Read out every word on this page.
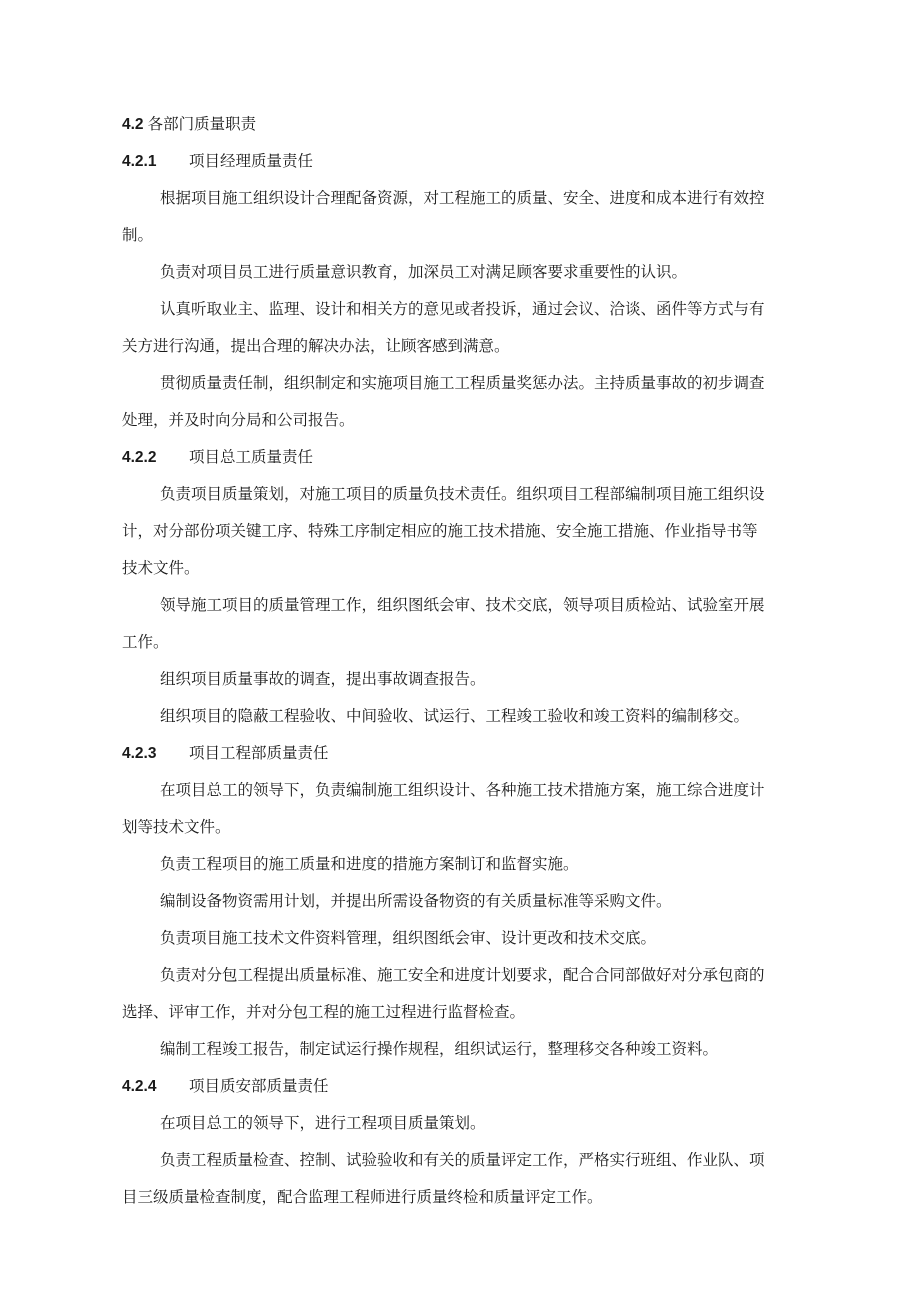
4.2 各部门质量职责
4.2.1 项目经理质量责任
根据项目施工组织设计合理配备资源，对工程施工的质量、安全、进度和成本进行有效控
制。
负责对项目员工进行质量意识教育，加深员工对满足顾客要求重要性的认识。
认真听取业主、监理、设计和相关方的意见或者投诉，通过会议、洽谈、函件等方式与有
关方进行沟通，提出合理的解决办法，让顾客感到满意。
贯彻质量责任制，组织制定和实施项目施工工程质量奖惩办法。主持质量事故的初步调查
处理，并及时向分局和公司报告。
4.2.2 项目总工质量责任
负责项目质量策划，对施工项目的质量负技术责任。组织项目工程部编制项目施工组织设
计，对分部份项关键工序、特殊工序制定相应的施工技术措施、安全施工措施、作业指导书等
技术文件。
领导施工项目的质量管理工作，组织图纸会审、技术交底，领导项目质检站、试验室开展
工作。
组织项目质量事故的调查，提出事故调查报告。
组织项目的隐蔽工程验收、中间验收、试运行、工程竣工验收和竣工资料的编制移交。
4.2.3 项目工程部质量责任
在项目总工的领导下，负责编制施工组织设计、各种施工技术措施方案，施工综合进度计
划等技术文件。
负责工程项目的施工质量和进度的措施方案制订和监督实施。
编制设备物资需用计划，并提出所需设备物资的有关质量标准等采购文件。
负责项目施工技术文件资料管理，组织图纸会审、设计更改和技术交底。
负责对分包工程提出质量标准、施工安全和进度计划要求，配合合同部做好对分承包商的
选择、评审工作，并对分包工程的施工过程进行监督检查。
编制工程竣工报告，制定试运行操作规程，组织试运行，整理移交各种竣工资料。
4.2.4 项目质安部质量责任
在项目总工的领导下，进行工程项目质量策划。
负责工程质量检查、控制、试验验收和有关的质量评定工作，严格实行班组、作业队、项
目三级质量检查制度，配合监理工程师进行质量终检和质量评定工作。
